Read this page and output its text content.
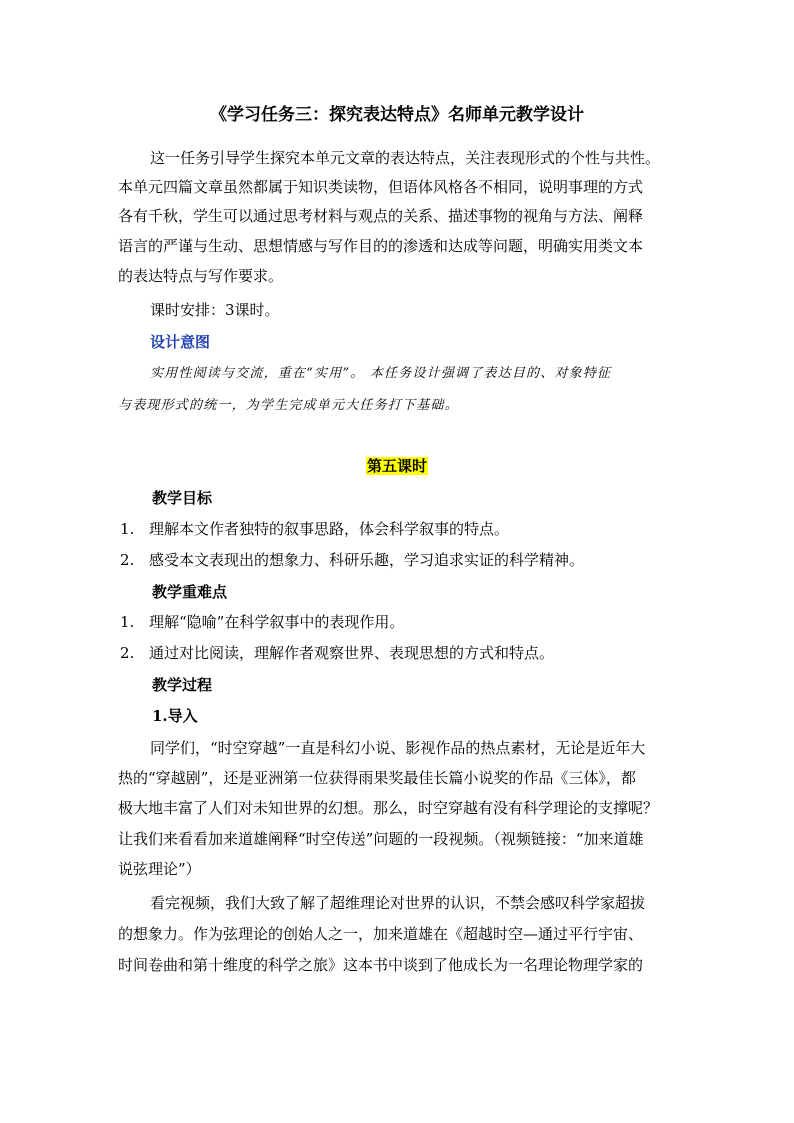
《学习任务三：探究表达特点》名师单元教学设计
这一任务引导学生探究本单元文章的表达特点，关注表现形式的个性与共性。
本单元四篇文章虽然都属于知识类读物，但语体风格各不相同，说明事理的方式
各有千秋，学生可以通过思考材料与观点的关系、描述事物的视角与方法、阐释
语言的严谨与生动、思想情感与写作目的的渗透和达成等问题，明确实用类文本
的表达特点与写作要求。
课时安排：3课时。
设计意图
实用性阅读与交流，重在“实用”。 本任务设计强调了表达目的、对象特征
与表现形式的统一，为学生完成单元大任务打下基础。
第五课时
教学目标
1. 理解本文作者独特的叙事思路，体会科学叙事的特点。
2. 感受本文表现出的想象力、科研乐趣，学习追求实证的科学精神。
教学重难点
1. 理解“隐喻”在科学叙事中的表现作用。
2. 通过对比阅读，理解作者观察世界、表现思想的方式和特点。
教学过程
1.导入
同学们，“时空穿越”一直是科幻小说、影视作品的热点素材，无论是近年大
热的“穿越剧”，还是亚洲第一位获得雨果奖最佳长篇小说奖的作品《三体》，都
极大地丰富了人们对未知世界的幻想。那么，时空穿越有没有科学理论的支撑呢？
让我们来看看加来道雄阐释“时空传送”问题的一段视频。（视频链接：“加来道雄
说弦理论”）
看完视频，我们大致了解了超维理论对世界的认识，不禁会感叹科学家超拔
的想象力。作为弦理论的创始人之一，加来道雄在《超越时空—通过平行宇宙、
时间卷曲和第十维度的科学之旅》这本书中谈到了他成长为一名理论物理学家的
